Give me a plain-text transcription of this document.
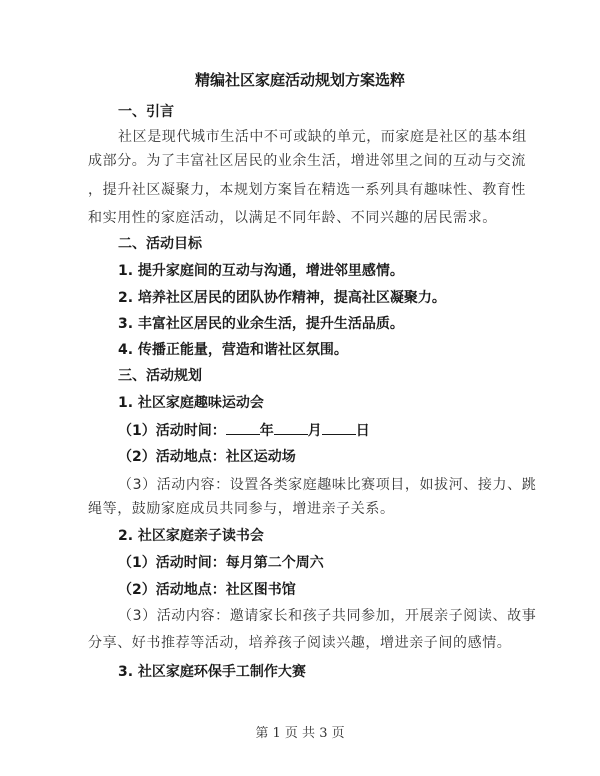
精编社区家庭活动规划方案选粹
一、引言
社区是现代城市生活中不可或缺的单元，而家庭是社区的基本组
成部分。为了丰富社区居民的业余生活，增进邻里之间的互动与交流
，提升社区凝聚力，本规划方案旨在精选一系列具有趣味性、教育性
和实用性的家庭活动，以满足不同年龄、不同兴趣的居民需求。
二、活动目标
1. 提升家庭间的互动与沟通，增进邻里感情。
2. 培养社区居民的团队协作精神，提高社区凝聚力。
3. 丰富社区居民的业余生活，提升生活品质。
4. 传播正能量，营造和谐社区氛围。
三、活动规划
1. 社区家庭趣味运动会
（1）活动时间： 年 月 日
（2）活动地点：社区运动场
（3）活动内容：设置各类家庭趣味比赛项目，如拔河、接力、跳
绳等，鼓励家庭成员共同参与，增进亲子关系。
2. 社区家庭亲子读书会
（1）活动时间：每月第二个周六
（2）活动地点：社区图书馆
（3）活动内容：邀请家长和孩子共同参加，开展亲子阅读、故事
分享、好书推荐等活动，培养孩子阅读兴趣，增进亲子间的感情。
3. 社区家庭环保手工制作大赛
第 1 页 共 3 页
